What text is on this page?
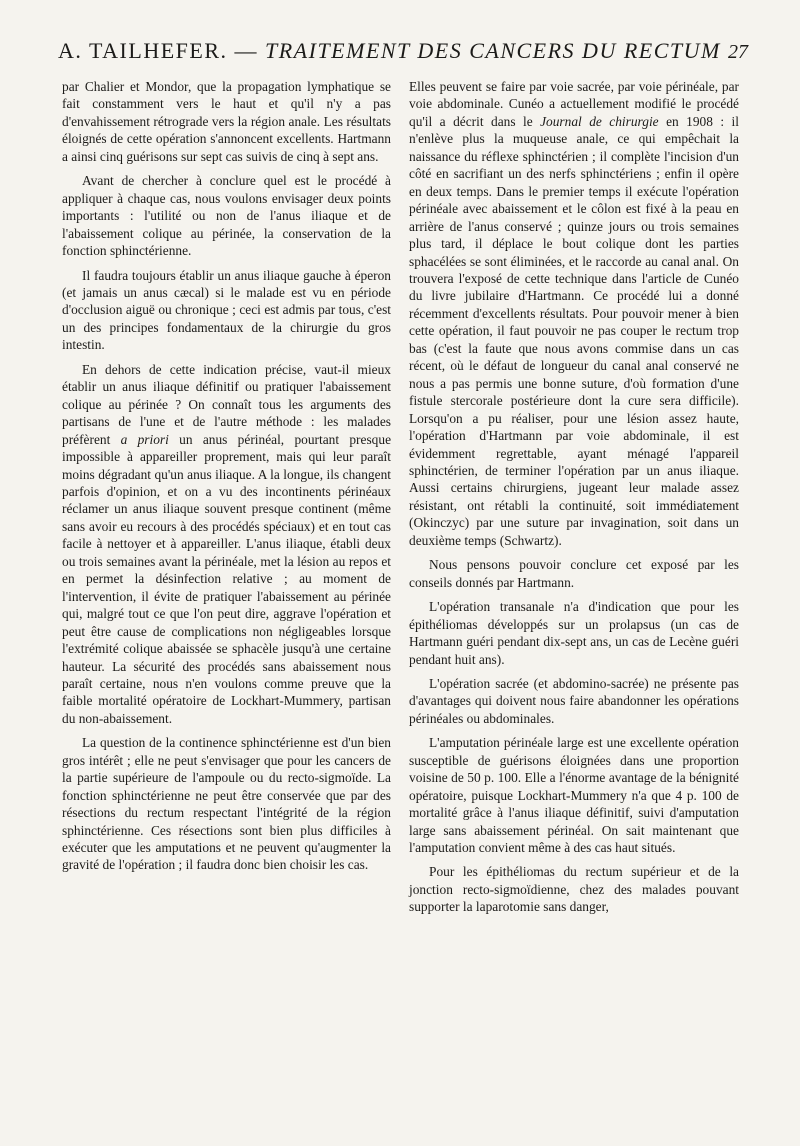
A. TAILHEFER. — TRAITEMENT DES CANCERS DU RECTUM 27

par Chalier et Mondor, que la propagation lymphatique se fait constamment vers le haut et qu'il n'y a pas d'envahissement rétrograde vers la région anale. Les résultats éloignés de cette opération s'annoncent excellents. Hartmann a ainsi cinq guérisons sur sept cas suivis de cinq à sept ans.

Avant de chercher à conclure quel est le procédé à appliquer à chaque cas, nous voulons envisager deux points importants : l'utilité ou non de l'anus iliaque et de l'abaissement colique au périnée, la conservation de la fonction sphinctérienne.

Il faudra toujours établir un anus iliaque gauche à éperon (et jamais un anus cæcal) si le malade est vu en période d'occlusion aiguë ou chronique ; ceci est admis par tous, c'est un des principes fondamentaux de la chirurgie du gros intestin.

En dehors de cette indication précise, vaut-il mieux établir un anus iliaque définitif ou pratiquer l'abaissement colique au périnée ? On connaît tous les arguments des partisans de l'une et de l'autre méthode : les malades préfèrent a priori un anus périnéal, pourtant presque impossible à appareiller proprement, mais qui leur paraît moins dégradant qu'un anus iliaque. A la longue, ils changent parfois d'opinion, et on a vu des incontinents périnéaux réclamer un anus iliaque souvent presque continent (même sans avoir eu recours à des procédés spéciaux) et en tout cas facile à nettoyer et à appareiller. L'anus iliaque, établi deux ou trois semaines avant la périnéale, met la lésion au repos et en permet la désinfection relative ; au moment de l'intervention, il évite de pratiquer l'abaissement au périnée qui, malgré tout ce que l'on peut dire, aggrave l'opération et peut être cause de complications non négligeables lorsque l'extrémité colique abaissée se sphacèle jusqu'à une certaine hauteur. La sécurité des procédés sans abaissement nous paraît certaine, nous n'en voulons comme preuve que la faible mortalité opératoire de Lockhart-Mummery, partisan du non-abaissement.

La question de la continence sphinctérienne est d'un bien gros intérêt ; elle ne peut s'envisager que pour les cancers de la partie supérieure de l'ampoule ou du recto-sigmoïde. La fonction sphinctérienne ne peut être conservée que par des résections du rectum respectant l'intégrité de la région sphinctérienne. Ces résections sont bien plus difficiles à exécuter que les amputations et ne peuvent qu'augmenter la gravité de l'opération ; il faudra donc bien choisir les cas.

Elles peuvent se faire par voie sacrée, par voie périnéale, par voie abdominale. Cunéo a actuellement modifié le procédé qu'il a décrit dans le Journal de chirurgie en 1908 : il n'enlève plus la muqueuse anale, ce qui empêchait la naissance du réflexe sphinctérien ; il complète l'incision d'un côté en sacrifiant un des nerfs sphinctériens ; enfin il opère en deux temps. Dans le premier temps il exécute l'opération périnéale avec abaissement et le côlon est fixé à la peau en arrière de l'anus conservé ; quinze jours ou trois semaines plus tard, il déplace le bout colique dont les parties sphacélées se sont éliminées, et le raccorde au canal anal. On trouvera l'exposé de cette technique dans l'article de Cunéo du livre jubilaire d'Hartmann. Ce procédé lui a donné récemment d'excellents résultats. Pour pouvoir mener à bien cette opération, il faut pouvoir ne pas couper le rectum trop bas (c'est la faute que nous avons commise dans un cas récent, où le défaut de longueur du canal anal conservé ne nous a pas permis une bonne suture, d'où formation d'une fistule stercorale postérieure dont la cure sera difficile). Lorsqu'on a pu réaliser, pour une lésion assez haute, l'opération d'Hartmann par voie abdominale, il est évidemment regrettable, ayant ménagé l'appareil sphinctérien, de terminer l'opération par un anus iliaque. Aussi certains chirurgiens, jugeant leur malade assez résistant, ont rétabli la continuité, soit immédiatement (Okinczyc) par une suture par invagination, soit dans un deuxième temps (Schwartz).

Nous pensons pouvoir conclure cet exposé par les conseils donnés par Hartmann.

L'opération transanale n'a d'indication que pour les épithéliomas développés sur un prolapsus (un cas de Hartmann guéri pendant dix-sept ans, un cas de Lecène guéri pendant huit ans).

L'opération sacrée (et abdomino-sacrée) ne présente pas d'avantages qui doivent nous faire abandonner les opérations périnéales ou abdominales.

L'amputation périnéale large est une excellente opération susceptible de guérisons éloignées dans une proportion voisine de 50 p. 100. Elle a l'énorme avantage de la bénignité opératoire, puisque Lockhart-Mummery n'a que 4 p. 100 de mortalité grâce à l'anus iliaque définitif, suivi d'amputation large sans abaissement périnéal. On sait maintenant que l'amputation convient même à des cas haut situés.

Pour les épithéliomas du rectum supérieur et de la jonction recto-sigmoïdienne, chez des malades pouvant supporter la laparotomie sans danger,
